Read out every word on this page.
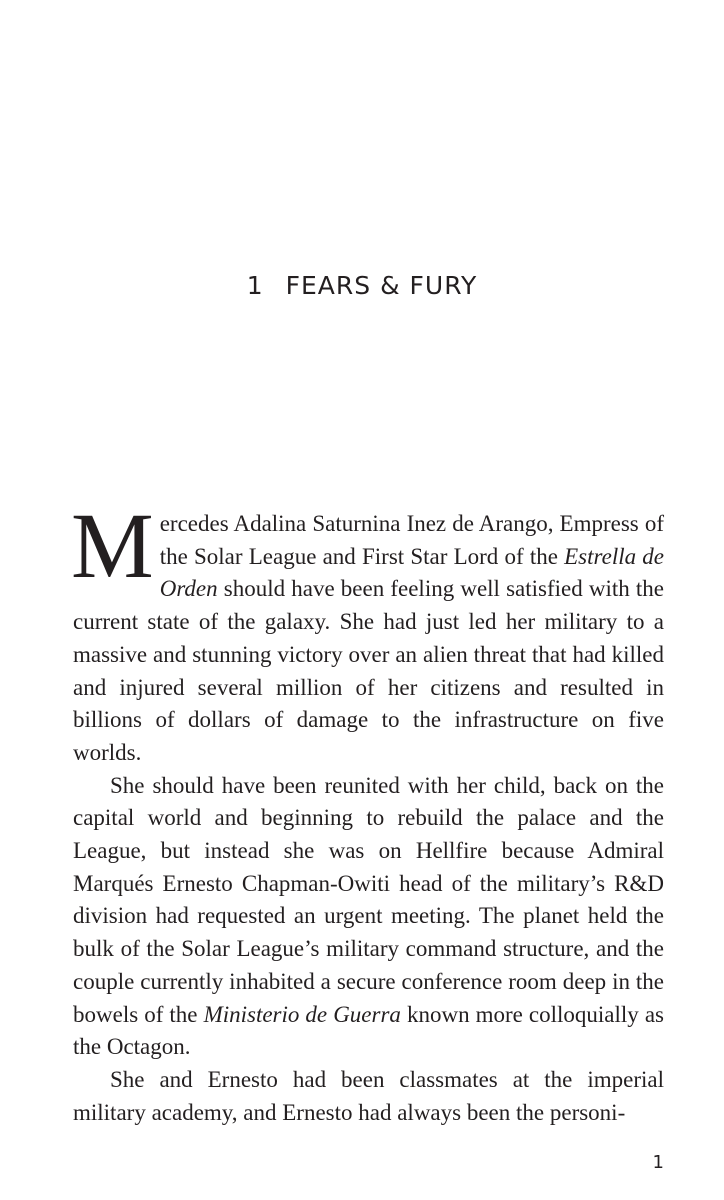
1 FEARS & FURY

Mercedes Adalina Saturnina Inez de Arango, Empress of the Solar League and First Star Lord of the Estrella de Orden should have been feeling well satisfied with the current state of the galaxy. She had just led her military to a massive and stunning victory over an alien threat that had killed and injured several million of her citizens and resulted in billions of dollars of damage to the infrastructure on five worlds.

She should have been reunited with her child, back on the capital world and beginning to rebuild the palace and the League, but instead she was on Hellfire because Admiral Marqués Ernesto Chapman-Owiti head of the military’s R&D division had requested an urgent meeting. The planet held the bulk of the Solar League’s military command structure, and the couple currently inhabited a secure conference room deep in the bowels of the Ministerio de Guerra known more colloquially as the Octagon.

She and Ernesto had been classmates at the imperial military academy, and Ernesto had always been the personi-

1
